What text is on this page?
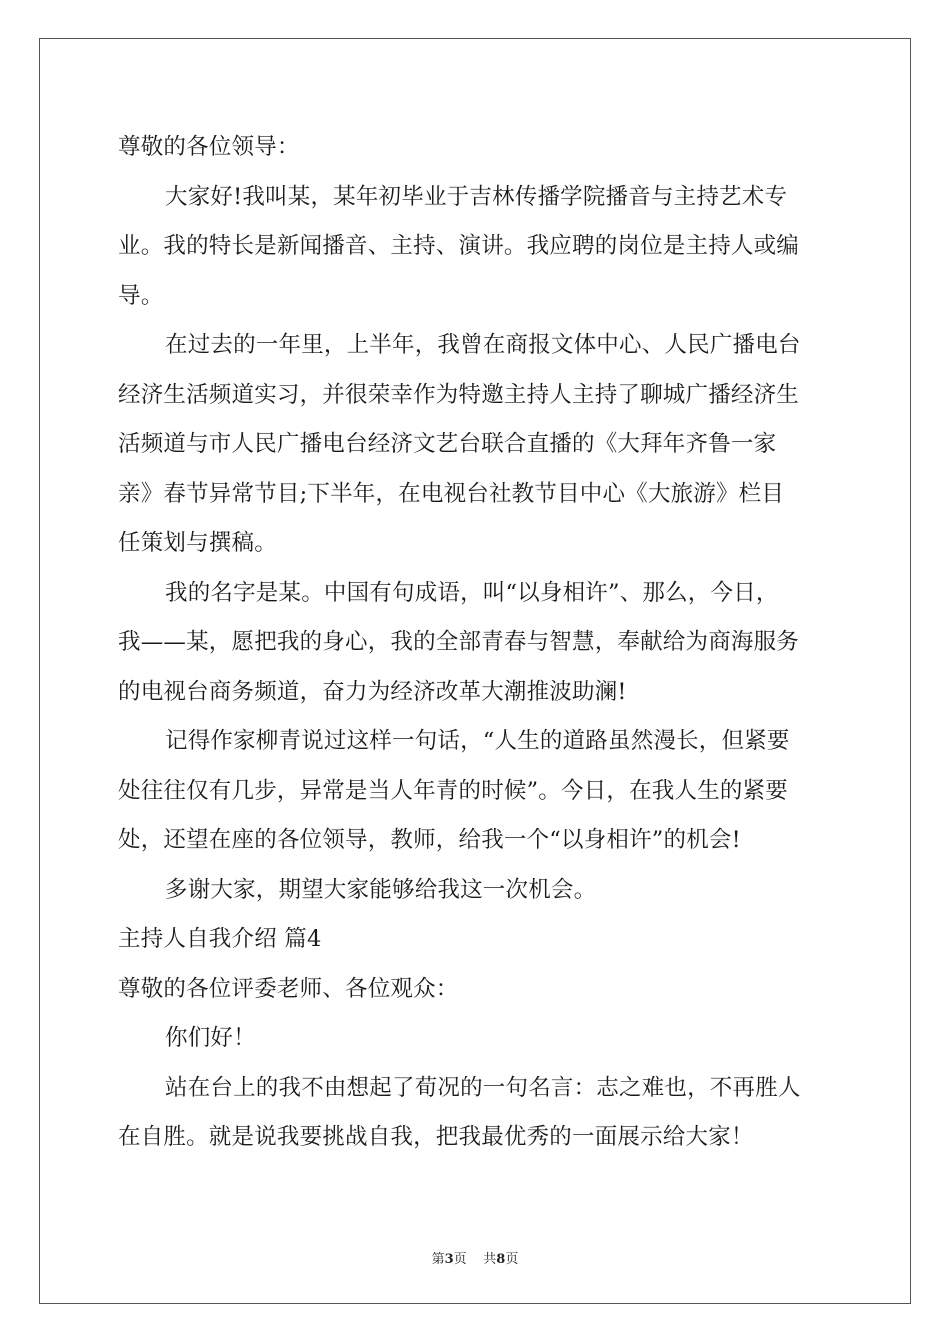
尊敬的各位领导：
大家好!我叫某，某年初毕业于吉林传播学院播音与主持艺术专
业。我的特长是新闻播音、主持、演讲。我应聘的岗位是主持人或编
导。
在过去的一年里，上半年，我曾在商报文体中心、人民广播电台
经济生活频道实习，并很荣幸作为特邀主持人主持了聊城广播经济生
活频道与市人民广播电台经济文艺台联合直播的《大拜年齐鲁一家
亲》春节异常节目;下半年，在电视台社教节目中心《大旅游》栏目
任策划与撰稿。
我的名字是某。中国有句成语，叫“以身相许”、那么，今日，
我——某，愿把我的身心，我的全部青春与智慧，奉献给为商海服务
的电视台商务频道，奋力为经济改革大潮推波助澜!
记得作家柳青说过这样一句话，“人生的道路虽然漫长，但紧要
处往往仅有几步，异常是当人年青的时候”。今日，在我人生的紧要
处，还望在座的各位领导，教师，给我一个“以身相许”的机会!
多谢大家，期望大家能够给我这一次机会。
主持人自我介绍 篇4
尊敬的各位评委老师、各位观众：
你们好！
站在台上的我不由想起了荀况的一句名言：志之难也，不再胜人
在自胜。就是说我要挑战自我，把我最优秀的一面展示给大家！
第3页 共8页
